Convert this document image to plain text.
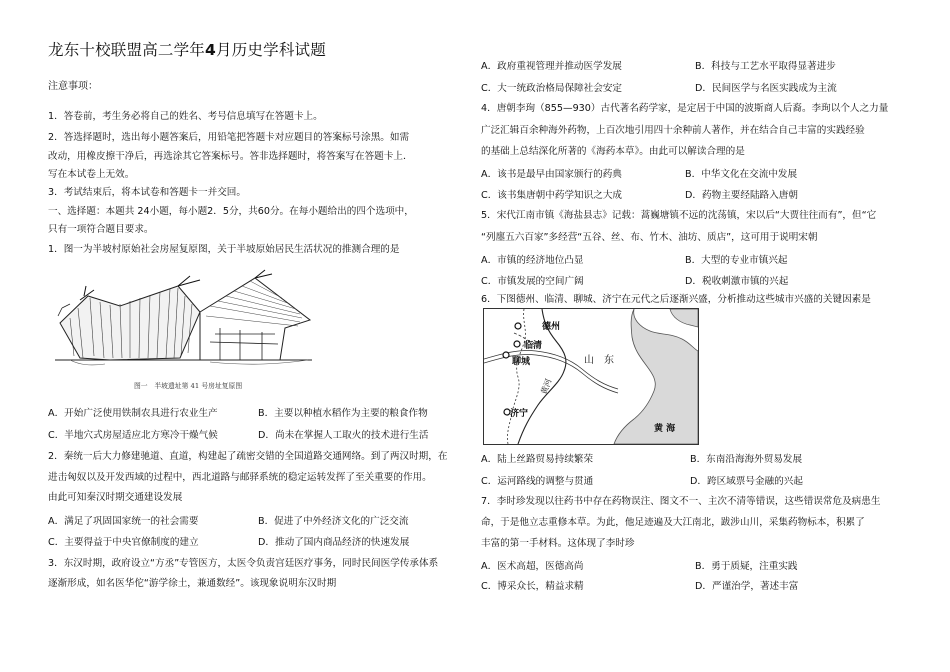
龙东十校联盟高二学年4月历史学科试题
注意事项：
1．答卷前，考生务必将自己的姓名、考号信息填写在答题卡上。
2．答选择题时，选出每小题答案后，用铅笔把答题卡对应题目的答案标号涂黑。如需
改动，用橡皮擦干净后，再选涂其它答案标号。答非选择题时，将答案写在答题卡上．
写在本试卷上无效。
3．考试结束后，将本试卷和答题卡一并交回。
一、选择题：本题共 24小题，每小题2．5分，共60分。在每小题给出的四个选项中，
只有一项符合题目要求。
1．图一为半坡村原始社会房屋复原图，关于半坡原始居民生活状况的推测合理的是
图一　半坡遗址第 41 号房址复原图
A．开始广泛使用铁制农具进行农业生产	B．主要以种植水稻作为主要的粮食作物
C．半地穴式房屋适应北方寒冷干燥气候	D．尚未在掌握人工取火的技术进行生活
2．秦统一后大力修建驰道、直道，构建起了疏密交错的全国道路交通网络。到了两汉时期，在
进击匈奴以及开发西域的过程中，西北道路与邮驿系统的稳定运转发挥了至关重要的作用。
由此可知秦汉时期交通建设发展
A．满足了巩固国家统一的社会需要	B．促进了中外经济文化的广泛交流
C．主要得益于中央官僚制度的建立	D．推动了国内商品经济的快速发展
3．东汉时期，政府设立“方丞”专管医方，太医令负责宫廷医疗事务，同时民间医学传承体系
逐渐形成，如名医华佗“游学徐土，兼通数经”。该现象说明东汉时期
A．政府重视管理并推动医学发展	B．科技与工艺水平取得显著进步
C．大一统政治格局保障社会安定	D．民间医学与名医实践成为主流
4．唐朝李珣（855—930）古代著名药学家，是定居于中国的波斯商人后裔。李珣以个人之力量
广泛汇辑百余种海外药物，上百次地引用四十余种前人著作，并在结合自己丰富的实践经验
的基础上总结深化所著的《海药本草》。由此可以解读合理的是
A．该书是最早由国家颁行的药典	B．中华文化在交流中发展
C．该书集唐朝中药学知识之大成	D．药物主要经陆路入唐朝
5．宋代江南市镇《海盐县志》记载：蒿巍塘镇不远的沈荡镇，宋以后“大贾往往而有”，但“它
“列廛五六百家”多经营“五谷、丝、布、竹木、油坊、质店”，这可用于说明宋朝
A．市镇的经济地位凸显	B．大型的专业市镇兴起
C．市镇发展的空间广阔	D．税收刺激市镇的兴起
6．下图德州、临清、聊城、济宁在元代之后逐渐兴盛，分析推动这些城市兴盛的关键因素是
德州
临清
聊城
济宁
山　东
黄河
黄 海
A．陆上丝路贸易持续繁荣	B．东南沿海海外贸易发展
C．运河路线的调整与贯通	D．跨区域票号金融的兴起
7．李时珍发现以往药书中存在药物误注、图文不一、主次不清等错误，这些错误常危及病患生
命，于是他立志重修本草。为此，他足迹遍及大江南北，跋涉山川，采集药物标本，积累了
丰富的第一手材料。这体现了李时珍
A．医术高超，医德高尚	B．勇于质疑，注重实践
C．博采众长，精益求精	D．严谨治学，著述丰富
